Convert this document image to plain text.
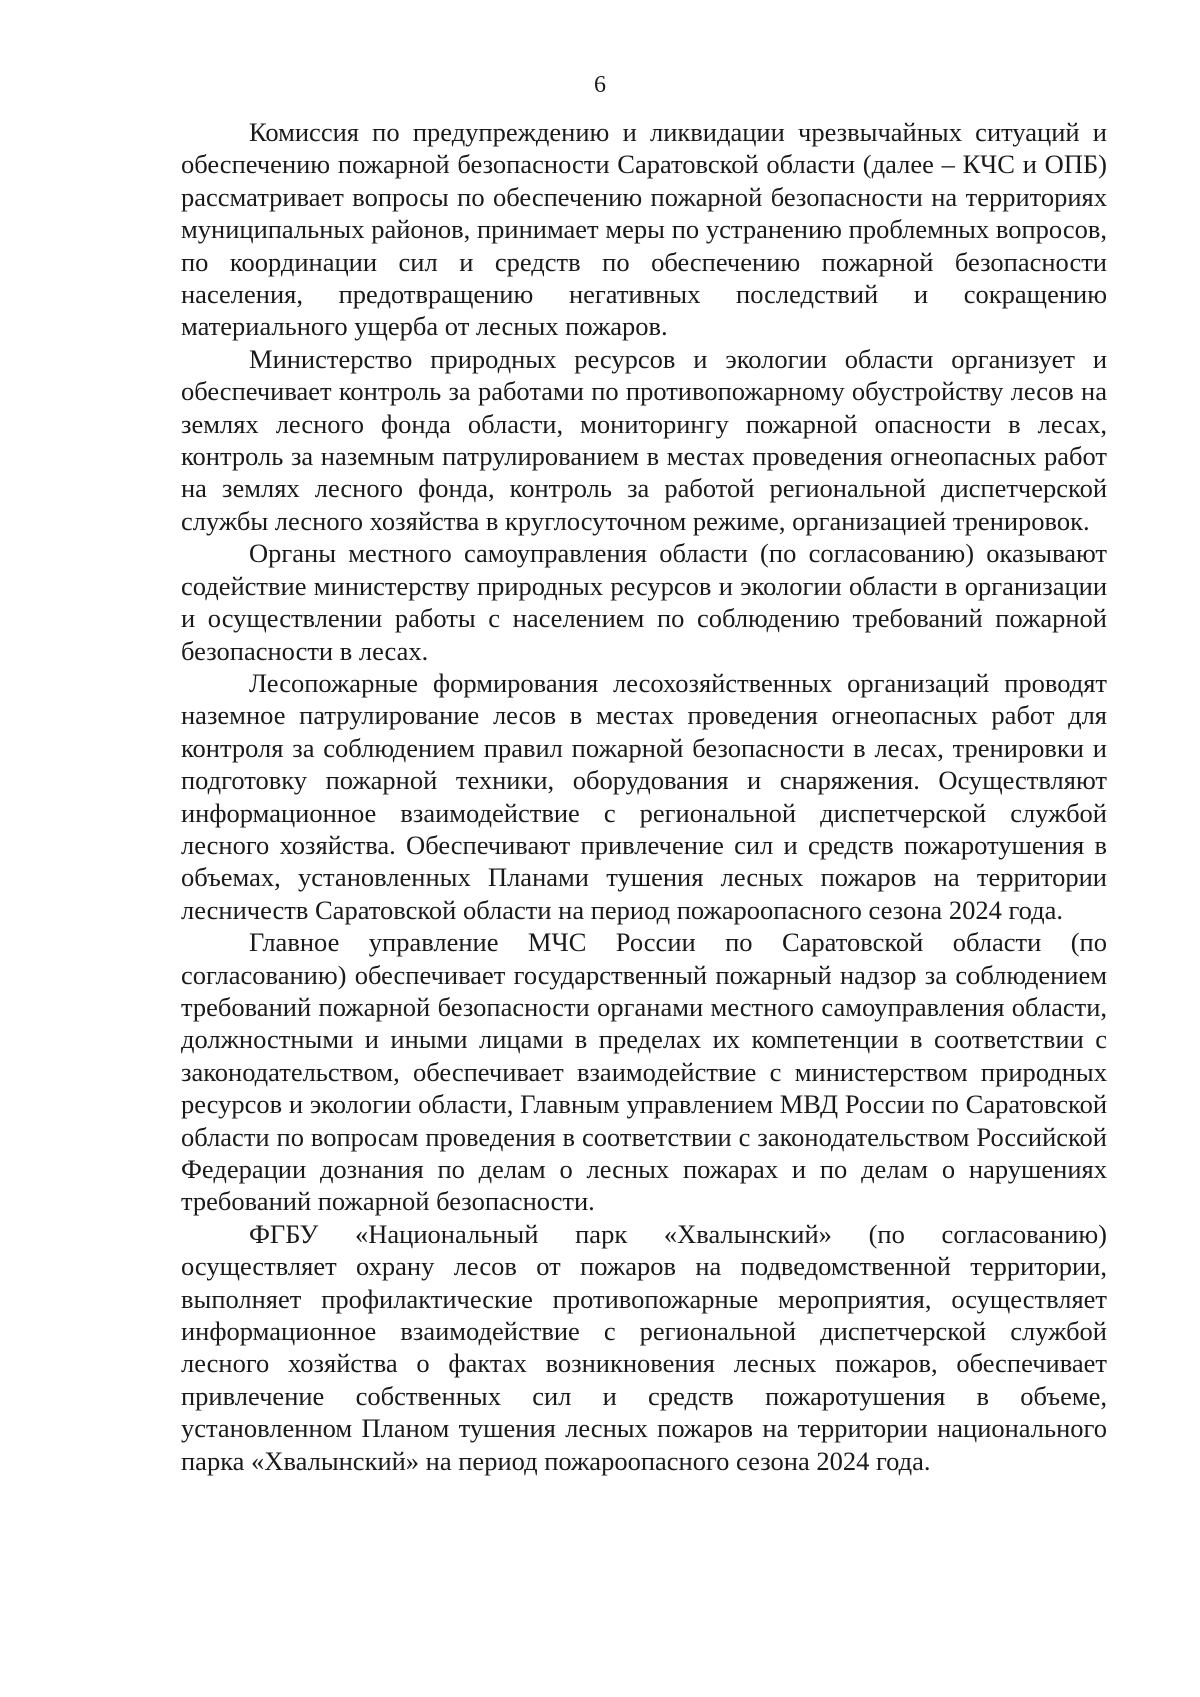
6

Комиссия по предупреждению и ликвидации чрезвычайных ситуаций и обеспечению пожарной безопасности Саратовской области (далее – КЧС и ОПБ) рассматривает вопросы по обеспечению пожарной безопасности на территориях муниципальных районов, принимает меры по устранению проблемных вопросов, по координации сил и средств по обеспечению пожарной безопасности населения, предотвращению негативных последствий и сокращению материального ущерба от лесных пожаров.

Министерство природных ресурсов и экологии области организует и обеспечивает контроль за работами по противопожарному обустройству лесов на землях лесного фонда области, мониторингу пожарной опасности в лесах, контроль за наземным патрулированием в местах проведения огнеопасных работ на землях лесного фонда, контроль за работой региональной диспетчерской службы лесного хозяйства в круглосуточном режиме, организацией тренировок.

Органы местного самоуправления области (по согласованию) оказывают содействие министерству природных ресурсов и экологии области в организации и осуществлении работы с населением по соблюдению требований пожарной безопасности в лесах.

Лесопожарные формирования лесохозяйственных организаций проводят наземное патрулирование лесов в местах проведения огнеопасных работ для контроля за соблюдением правил пожарной безопасности в лесах, тренировки и подготовку пожарной техники, оборудования и снаряжения. Осуществляют информационное взаимодействие с региональной диспетчерской службой лесного хозяйства. Обеспечивают привлечение сил и средств пожаротушения в объемах, установленных Планами тушения лесных пожаров на территории лесничеств Саратовской области на период пожароопасного сезона 2024 года.

Главное управление МЧС России по Саратовской области (по согласованию) обеспечивает государственный пожарный надзор за соблюдением требований пожарной безопасности органами местного самоуправления области, должностными и иными лицами в пределах их компетенции в соответствии с законодательством, обеспечивает взаимодействие с министерством природных ресурсов и экологии области, Главным управлением МВД России по Саратовской области по вопросам проведения в соответствии с законодательством Российской Федерации дознания по делам о лесных пожарах и по делам о нарушениях требований пожарной безопасности.

ФГБУ «Национальный парк «Хвалынский» (по согласованию) осуществляет охрану лесов от пожаров на подведомственной территории, выполняет профилактические противопожарные мероприятия, осуществляет информационное взаимодействие с региональной диспетчерской службой лесного хозяйства о фактах возникновения лесных пожаров, обеспечивает привлечение собственных сил и средств пожаротушения в объеме, установленном Планом тушения лесных пожаров на территории национального парка «Хвалынский» на период пожароопасного сезона 2024 года.
